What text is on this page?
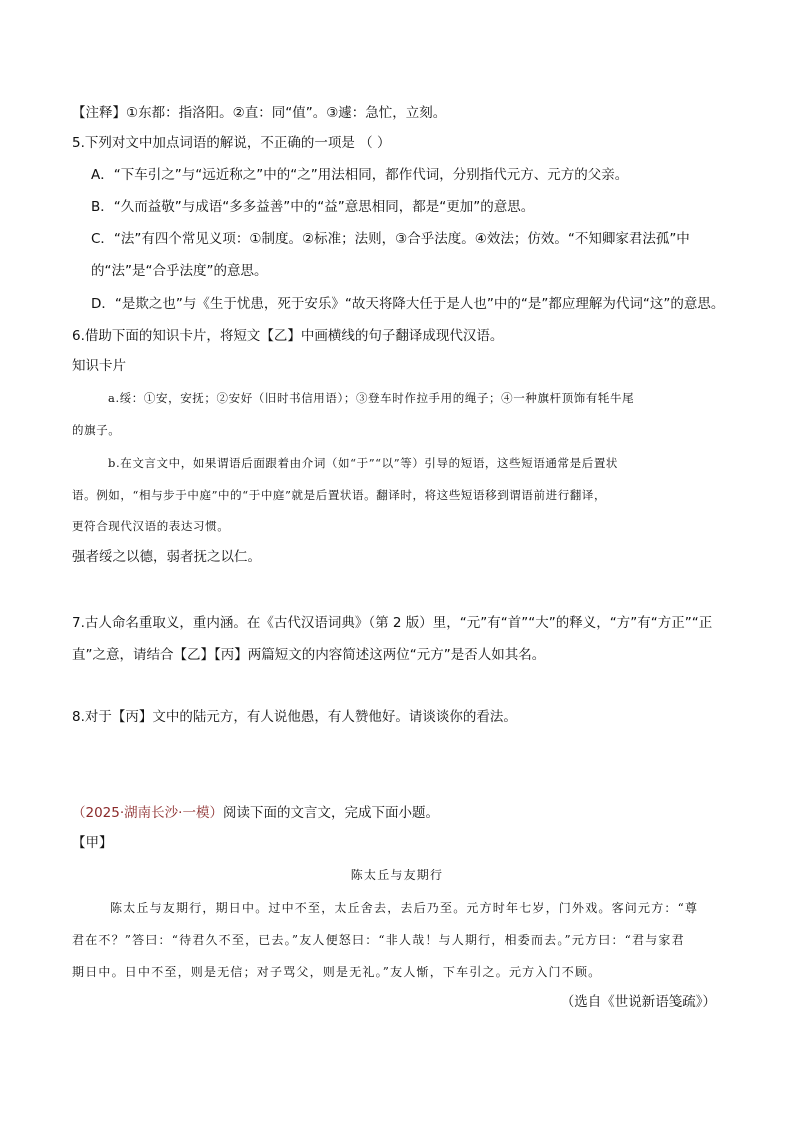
【注释】①东都：指洛阳。②直：同“值”。③遽：急忙，立刻。
5.下列对文中加点词语的解说，不正确的一项是 （ ）
A．“下车引之”与“远近称之”中的“之”用法相同，都作代词，分别指代元方、元方的父亲。
B．“久而益敬”与成语“多多益善”中的“益”意思相同，都是“更加”的意思。
C．“法”有四个常见义项：①制度。②标准；法则，③合乎法度。④效法；仿效。“不知卿家君法孤”中
的“法”是“合乎法度”的意思。
D．“是欺之也”与《生于忧患，死于安乐》“故天将降大任于是人也”中的“是”都应理解为代词“这”的意思。
6.借助下面的知识卡片，将短文【乙】中画横线的句子翻译成现代汉语。
知识卡片
a.绥：①安，安抚；②安好（旧时书信用语）；③登车时作拉手用的绳子；④一种旗杆顶饰有牦牛尾
的旗子。
b.在文言文中，如果谓语后面跟着由介词（如“于”“以”等）引导的短语，这些短语通常是后置状
语。例如，“相与步于中庭”中的“于中庭”就是后置状语。翻译时，将这些短语移到谓语前进行翻译，
更符合现代汉语的表达习惯。
强者绥之以德，弱者抚之以仁。
7.古人命名重取义，重内涵。在《古代汉语词典》（第 2 版）里，“元”有“首”“大”的释义，“方”有“方正”“正
直”之意，请结合【乙】【丙】两篇短文的内容简述这两位“元方”是否人如其名。
8.对于【丙】文中的陆元方，有人说他愚，有人赞他好。请谈谈你的看法。
（2025·湖南长沙·一模）阅读下面的文言文，完成下面小题。
【甲】
陈太丘与友期行
陈太丘与友期行，期日中。过中不至，太丘舍去，去后乃至。元方时年七岁，门外戏。客问元方：“尊
君在不？”答曰：“待君久不至，已去。”友人便怒曰：“非人哉！与人期行，相委而去。”元方曰：“君与家君
期日中。日中不至，则是无信；对子骂父，则是无礼。”友人惭，下车引之。元方入门不顾。
（选自《世说新语笺疏》）
